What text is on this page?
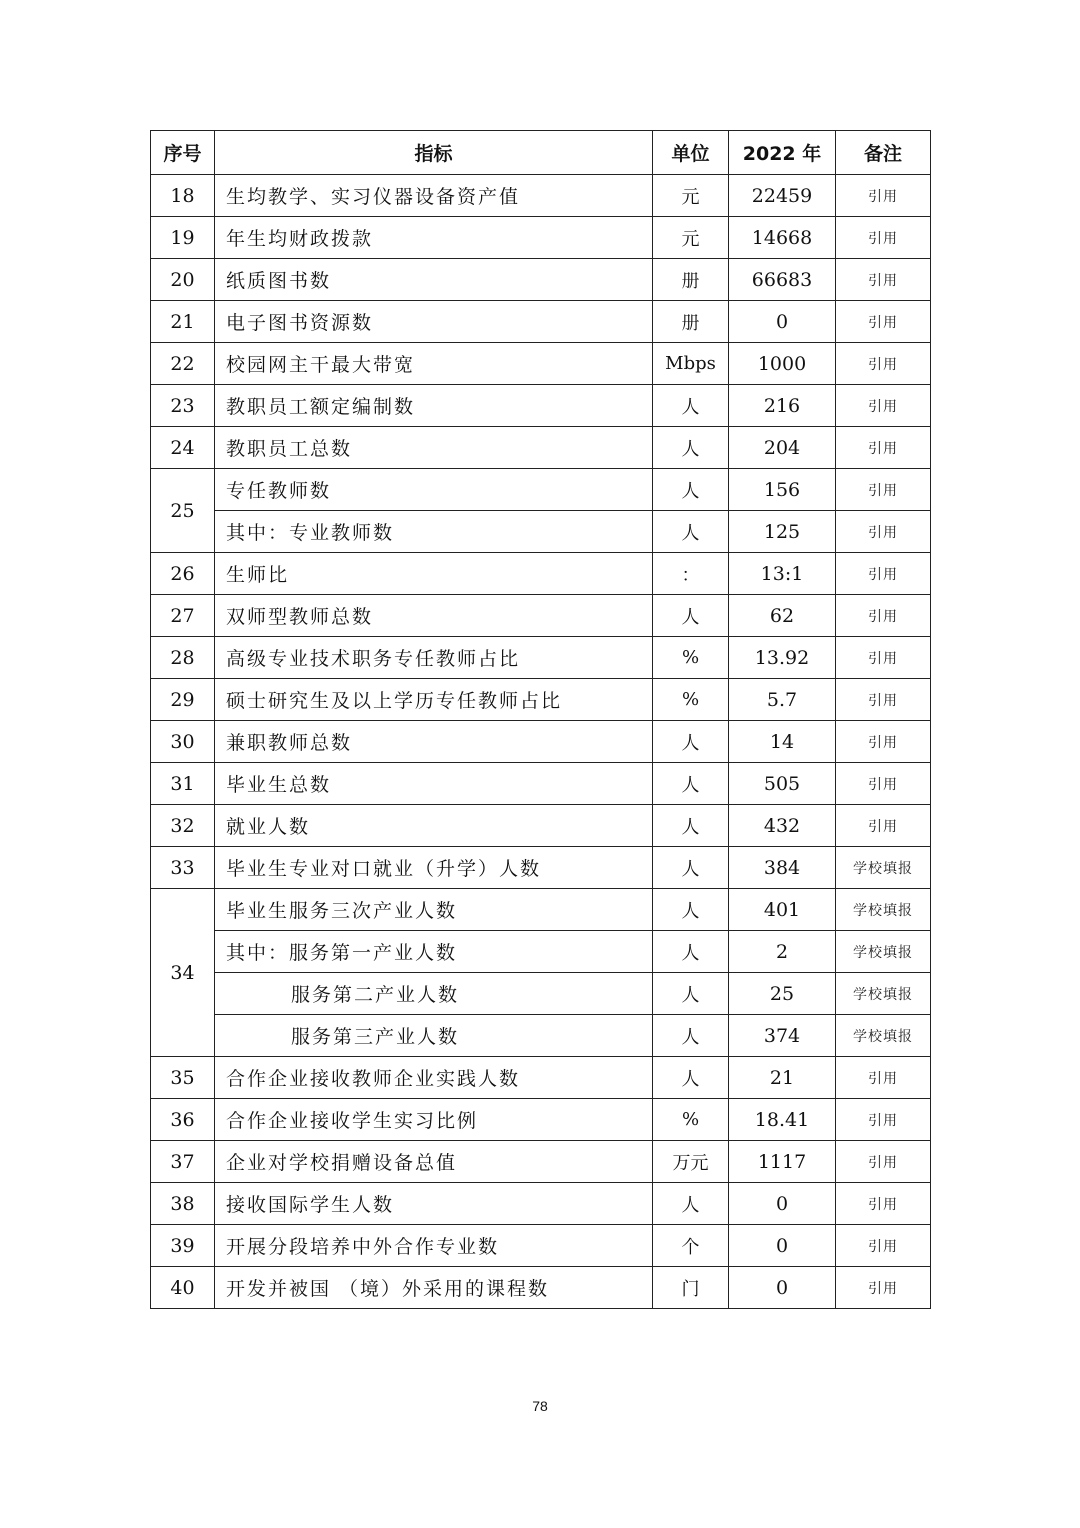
序号	指标	单位	2022 年	备注
18	生均教学、实习仪器设备资产值	元	22459	引用
19	年生均财政拨款	元	14668	引用
20	纸质图书数	册	66683	引用
21	电子图书资源数	册	0	引用
22	校园网主干最大带宽	Mbps	1000	引用
23	教职员工额定编制数	人	216	引用
24	教职员工总数	人	204	引用
25	专任教师数	人	156	引用
	其中：专业教师数	人	125	引用
26	生师比	：	13:1	引用
27	双师型教师总数	人	62	引用
28	高级专业技术职务专任教师占比	%	13.92	引用
29	硕士研究生及以上学历专任教师占比	%	5.7	引用
30	兼职教师总数	人	14	引用
31	毕业生总数	人	505	引用
32	就业人数	人	432	引用
33	毕业生专业对口就业（升学）人数	人	384	学校填报
34	毕业生服务三次产业人数	人	401	学校填报
	其中：服务第一产业人数	人	2	学校填报
	服务第二产业人数	人	25	学校填报
	服务第三产业人数	人	374	学校填报
35	合作企业接收教师企业实践人数	人	21	引用
36	合作企业接收学生实习比例	%	18.41	引用
37	企业对学校捐赠设备总值	万元	1117	引用
38	接收国际学生人数	人	0	引用
39	开展分段培养中外合作专业数	个	0	引用
40	开发并被国 （境）外采用的课程数	门	0	引用
78
